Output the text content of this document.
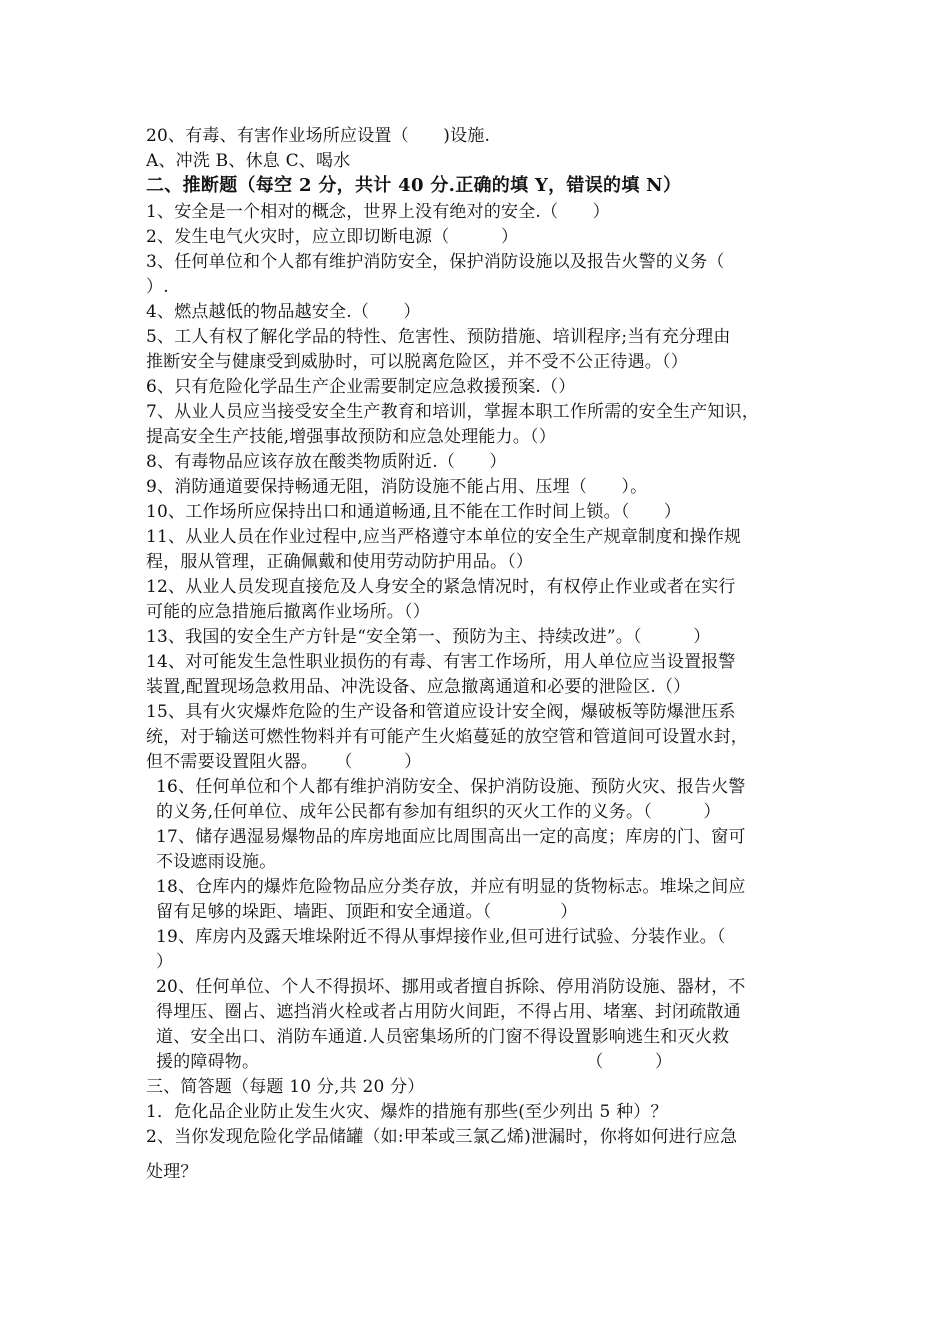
20、有毒、有害作业场所应设置（　　)设施.
A、冲洗 B、休息 C、喝水
二、推断题（每空 2 分，共计 40 分.正确的填 Y，错误的填 N）
1、安全是一个相对的概念，世界上没有绝对的安全.（　　）
2、发生电气火灾时，应立即切断电源（　　　）
3、任何单位和个人都有维护消防安全，保护消防设施以及报告火警的义务（
）.
4、燃点越低的物品越安全.（　　）
5、工人有权了解化学品的特性、危害性、预防措施、培训程序;当有充分理由
推断安全与健康受到威胁时，可以脱离危险区，并不受不公正待遇。（）
6、只有危险化学品生产企业需要制定应急救援预案.（）
7、从业人员应当接受安全生产教育和培训，掌握本职工作所需的安全生产知识，
提高安全生产技能,增强事故预防和应急处理能力。（）
8、有毒物品应该存放在酸类物质附近.（　　）
9、消防通道要保持畅通无阻，消防设施不能占用、压埋（　　）。
10、工作场所应保持出口和通道畅通,且不能在工作时间上锁。（　　）
11、从业人员在作业过程中,应当严格遵守本单位的安全生产规章制度和操作规
程，服从管理，正确佩戴和使用劳动防护用品。（）
12、从业人员发现直接危及人身安全的紧急情况时，有权停止作业或者在实行
可能的应急措施后撤离作业场所。（）
13、我国的安全生产方针是“安全第一、预防为主、持续改进”。（　　　）
14、对可能发生急性职业损伤的有毒、有害工作场所，用人单位应当设置报警
装置,配置现场急救用品、冲洗设备、应急撤离通道和必要的泄险区.（）
15、具有火灾爆炸危险的生产设备和管道应设计安全阀，爆破板等防爆泄压系
统，对于输送可燃性物料并有可能产生火焰蔓延的放空管和管道间可设置水封，
但不需要设置阻火器。　　（　　　）
16、任何单位和个人都有维护消防安全、保护消防设施、预防火灾、报告火警
的义务,任何单位、成年公民都有参加有组织的灭火工作的义务。（　　　）
17、储存遇湿易爆物品的库房地面应比周围高出一定的高度；库房的门、窗可
不设遮雨设施。
18、仓库内的爆炸危险物品应分类存放，并应有明显的货物标志。堆垛之间应
留有足够的垛距、墙距、顶距和安全通道。（　　　　）
19、库房内及露天堆垛附近不得从事焊接作业,但可进行试验、分装作业。（
）
20、任何单位、个人不得损坏、挪用或者擅自拆除、停用消防设施、器材，不
得埋压、圈占、遮挡消火栓或者占用防火间距，不得占用、堵塞、封闭疏散通
道、安全出口、消防车通道.人员密集场所的门窗不得设置影响逃生和灭火救
援的障碍物。　　　　　　　　　　　　　　　　　　　　（　　　）
三、简答题（每题 10 分,共 20 分）
1．危化品企业防止发生火灾、爆炸的措施有那些(至少列出 5 种）？
2、当你发现危险化学品储罐（如:甲苯或三氯乙烯)泄漏时，你将如何进行应急
处理？
